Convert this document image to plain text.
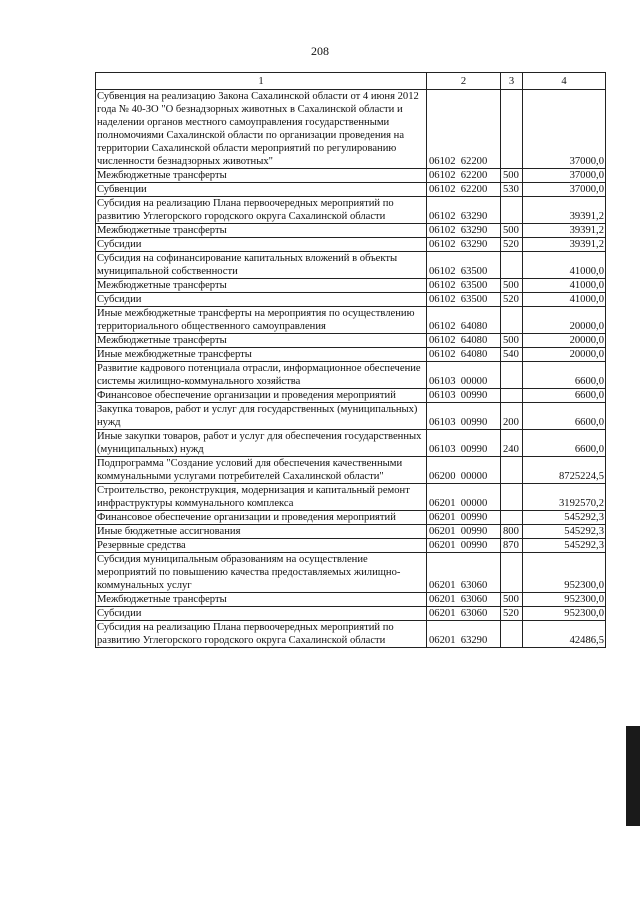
208
1	2	3	4
Субвенция на реализацию Закона Сахалинской области от 4 июня 2012 года № 40-ЗО "О безнадзорных животных в Сахалинской области и наделении органов местного самоуправления государственными полномочиями Сахалинской области по организации проведения на территории Сахалинской области мероприятий по регулированию численности безнадзорных животных"	06102  62200		37000,0
Межбюджетные трансферты	06102  62200	500	37000,0
Субвенции	06102  62200	530	37000,0
Субсидия на реализацию Плана первоочередных мероприятий по развитию Углегорского городского округа Сахалинской области	06102  63290		39391,2
Межбюджетные трансферты	06102  63290	500	39391,2
Субсидии	06102  63290	520	39391,2
Субсидия на софинансирование капитальных вложений в объекты муниципальной собственности	06102  63500		41000,0
Межбюджетные трансферты	06102  63500	500	41000,0
Субсидии	06102  63500	520	41000,0
Иные межбюджетные трансферты на мероприятия по осуществлению территориального общественного самоуправления	06102  64080		20000,0
Межбюджетные трансферты	06102  64080	500	20000,0
Иные межбюджетные трансферты	06102  64080	540	20000,0
Развитие кадрового потенциала отрасли, информационное обеспечение системы жилищно-коммунального хозяйства	06103  00000		6600,0
Финансовое обеспечение организации и проведения мероприятий	06103  00990		6600,0
Закупка товаров, работ и услуг для государственных (муниципальных) нужд	06103  00990	200	6600,0
Иные закупки товаров, работ и услуг для обеспечения государственных (муниципальных) нужд	06103  00990	240	6600,0
Подпрограмма "Создание условий для обеспечения качественными коммунальными услугами потребителей Сахалинской области"	06200  00000		8725224,5
Строительство, реконструкция, модернизация и капитальный ремонт инфраструктуры коммунального комплекса	06201  00000		3192570,2
Финансовое обеспечение организации и проведения мероприятий	06201  00990		545292,3
Иные бюджетные ассигнования	06201  00990	800	545292,3
Резервные средства	06201  00990	870	545292,3
Субсидия муниципальным образованиям на осуществление мероприятий по повышению качества предоставляемых жилищно-коммунальных услуг	06201  63060		952300,0
Межбюджетные трансферты	06201  63060	500	952300,0
Субсидии	06201  63060	520	952300,0
Субсидия на реализацию Плана первоочередных мероприятий по развитию Углегорского городского округа Сахалинской области	06201  63290		42486,5
